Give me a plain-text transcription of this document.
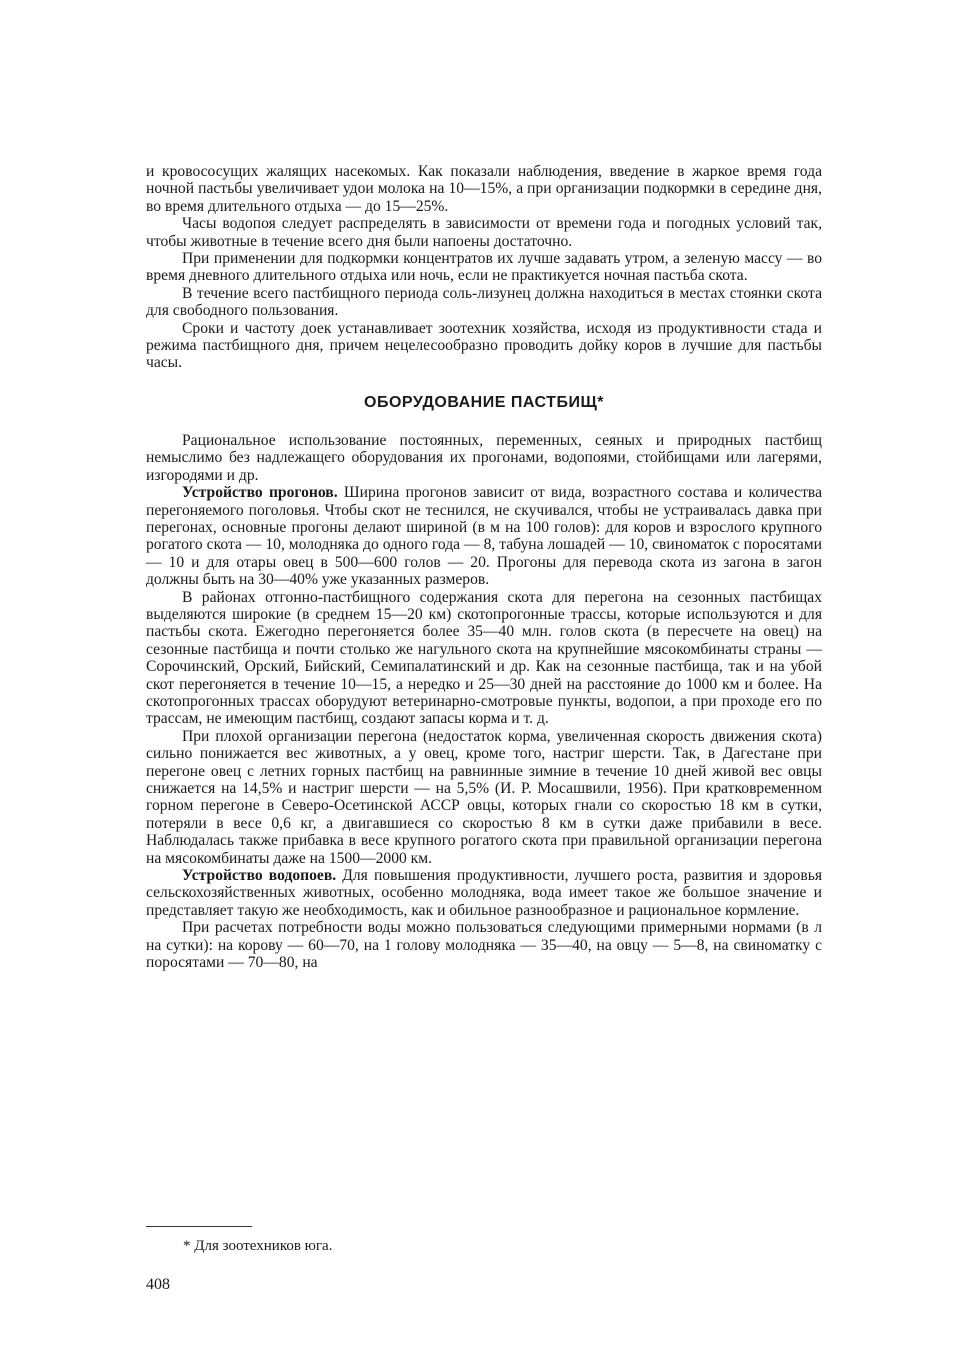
и кровососущих жалящих насекомых. Как показали наблюдения, введение в жаркое время года ночной пастьбы увеличивает удои молока на 10—15%, а при организации подкормки в середине дня, во время длительного отдыха — до 15—25%.

Часы водопоя следует распределять в зависимости от времени года и погодных условий так, чтобы животные в течение всего дня были напоены достаточно.

При применении для подкормки концентратов их лучше задавать утром, а зеленую массу — во время дневного длительного отдыха или ночь, если не практикуется ночная пастьба скота.

В течение всего пастбищного периода соль-лизунец должна находиться в местах стоянки скота для свободного пользования.

Сроки и частоту доек устанавливает зоотехник хозяйства, исходя из продуктивности стада и режима пастбищного дня, причем нецелесообразно проводить дойку коров в лучшие для пастьбы часы.

ОБОРУДОВАНИЕ ПАСТБИЩ*

Рациональное использование постоянных, переменных, сеяных и природных пастбищ немыслимо без надлежащего оборудования их прогонами, водопоями, стойбищами или лагерями, изгородями и др.

Устройство прогонов. Ширина прогонов зависит от вида, возрастного состава и количества перегоняемого поголовья. Чтобы скот не теснился, не скучивался, чтобы не устраивалась давка при перегонах, основные прогоны делают шириной (в м на 100 голов): для коров и взрослого крупного рогатого скота — 10, молодняка до одного года — 8, табуна лошадей — 10, свиноматок с поросятами — 10 и для отары овец в 500—600 голов — 20. Прогоны для перевода скота из загона в загон должны быть на 30—40% уже указанных размеров.

В районах отгонно-пастбищного содержания скота для перегона на сезонных пастбищах выделяются широкие (в среднем 15—20 км) скотопрогонные трассы, которые используются и для пастьбы скота. Ежегодно перегоняется более 35—40 млн. голов скота (в пересчете на овец) на сезонные пастбища и почти столько же нагульного скота на крупнейшие мясокомбинаты страны — Сорочинский, Орский, Бийский, Семипалатинский и др. Как на сезонные пастбища, так и на убой скот перегоняется в течение 10—15, а нередко и 25—30 дней на расстояние до 1000 км и более. На скотопрогонных трассах оборудуют ветеринарно-смотровые пункты, водопои, а при проходе его по трассам, не имеющим пастбищ, создают запасы корма и т. д.

При плохой организации перегона (недостаток корма, увеличенная скорость движения скота) сильно понижается вес животных, а у овец, кроме того, настриг шерсти. Так, в Дагестане при перегоне овец с летних горных пастбищ на равнинные зимние в течение 10 дней живой вес овцы снижается на 14,5% и настриг шерсти — на 5,5% (И. Р. Мосашвили, 1956). При кратковременном горном перегоне в Северо-Осетинской АССР овцы, которых гнали со скоростью 18 км в сутки, потеряли в весе 0,6 кг, а двигавшиеся со скоростью 8 км в сутки даже прибавили в весе. Наблюдалась также прибавка в весе крупного рогатого скота при правильной организации перегона на мясокомбинаты даже на 1500—2000 км.

Устройство водопоев. Для повышения продуктивности, лучшего роста, развития и здоровья сельскохозяйственных животных, особенно молодняка, вода имеет такое же большое значение и представляет такую же необходимость, как и обильное разнообразное и рациональное кормление.

При расчетах потребности воды можно пользоваться следующими примерными нормами (в л на сутки): на корову — 60—70, на 1 голову молодняка — 35—40, на овцу — 5—8, на свиноматку с поросятами — 70—80, на

* Для зоотехников юга.
408
